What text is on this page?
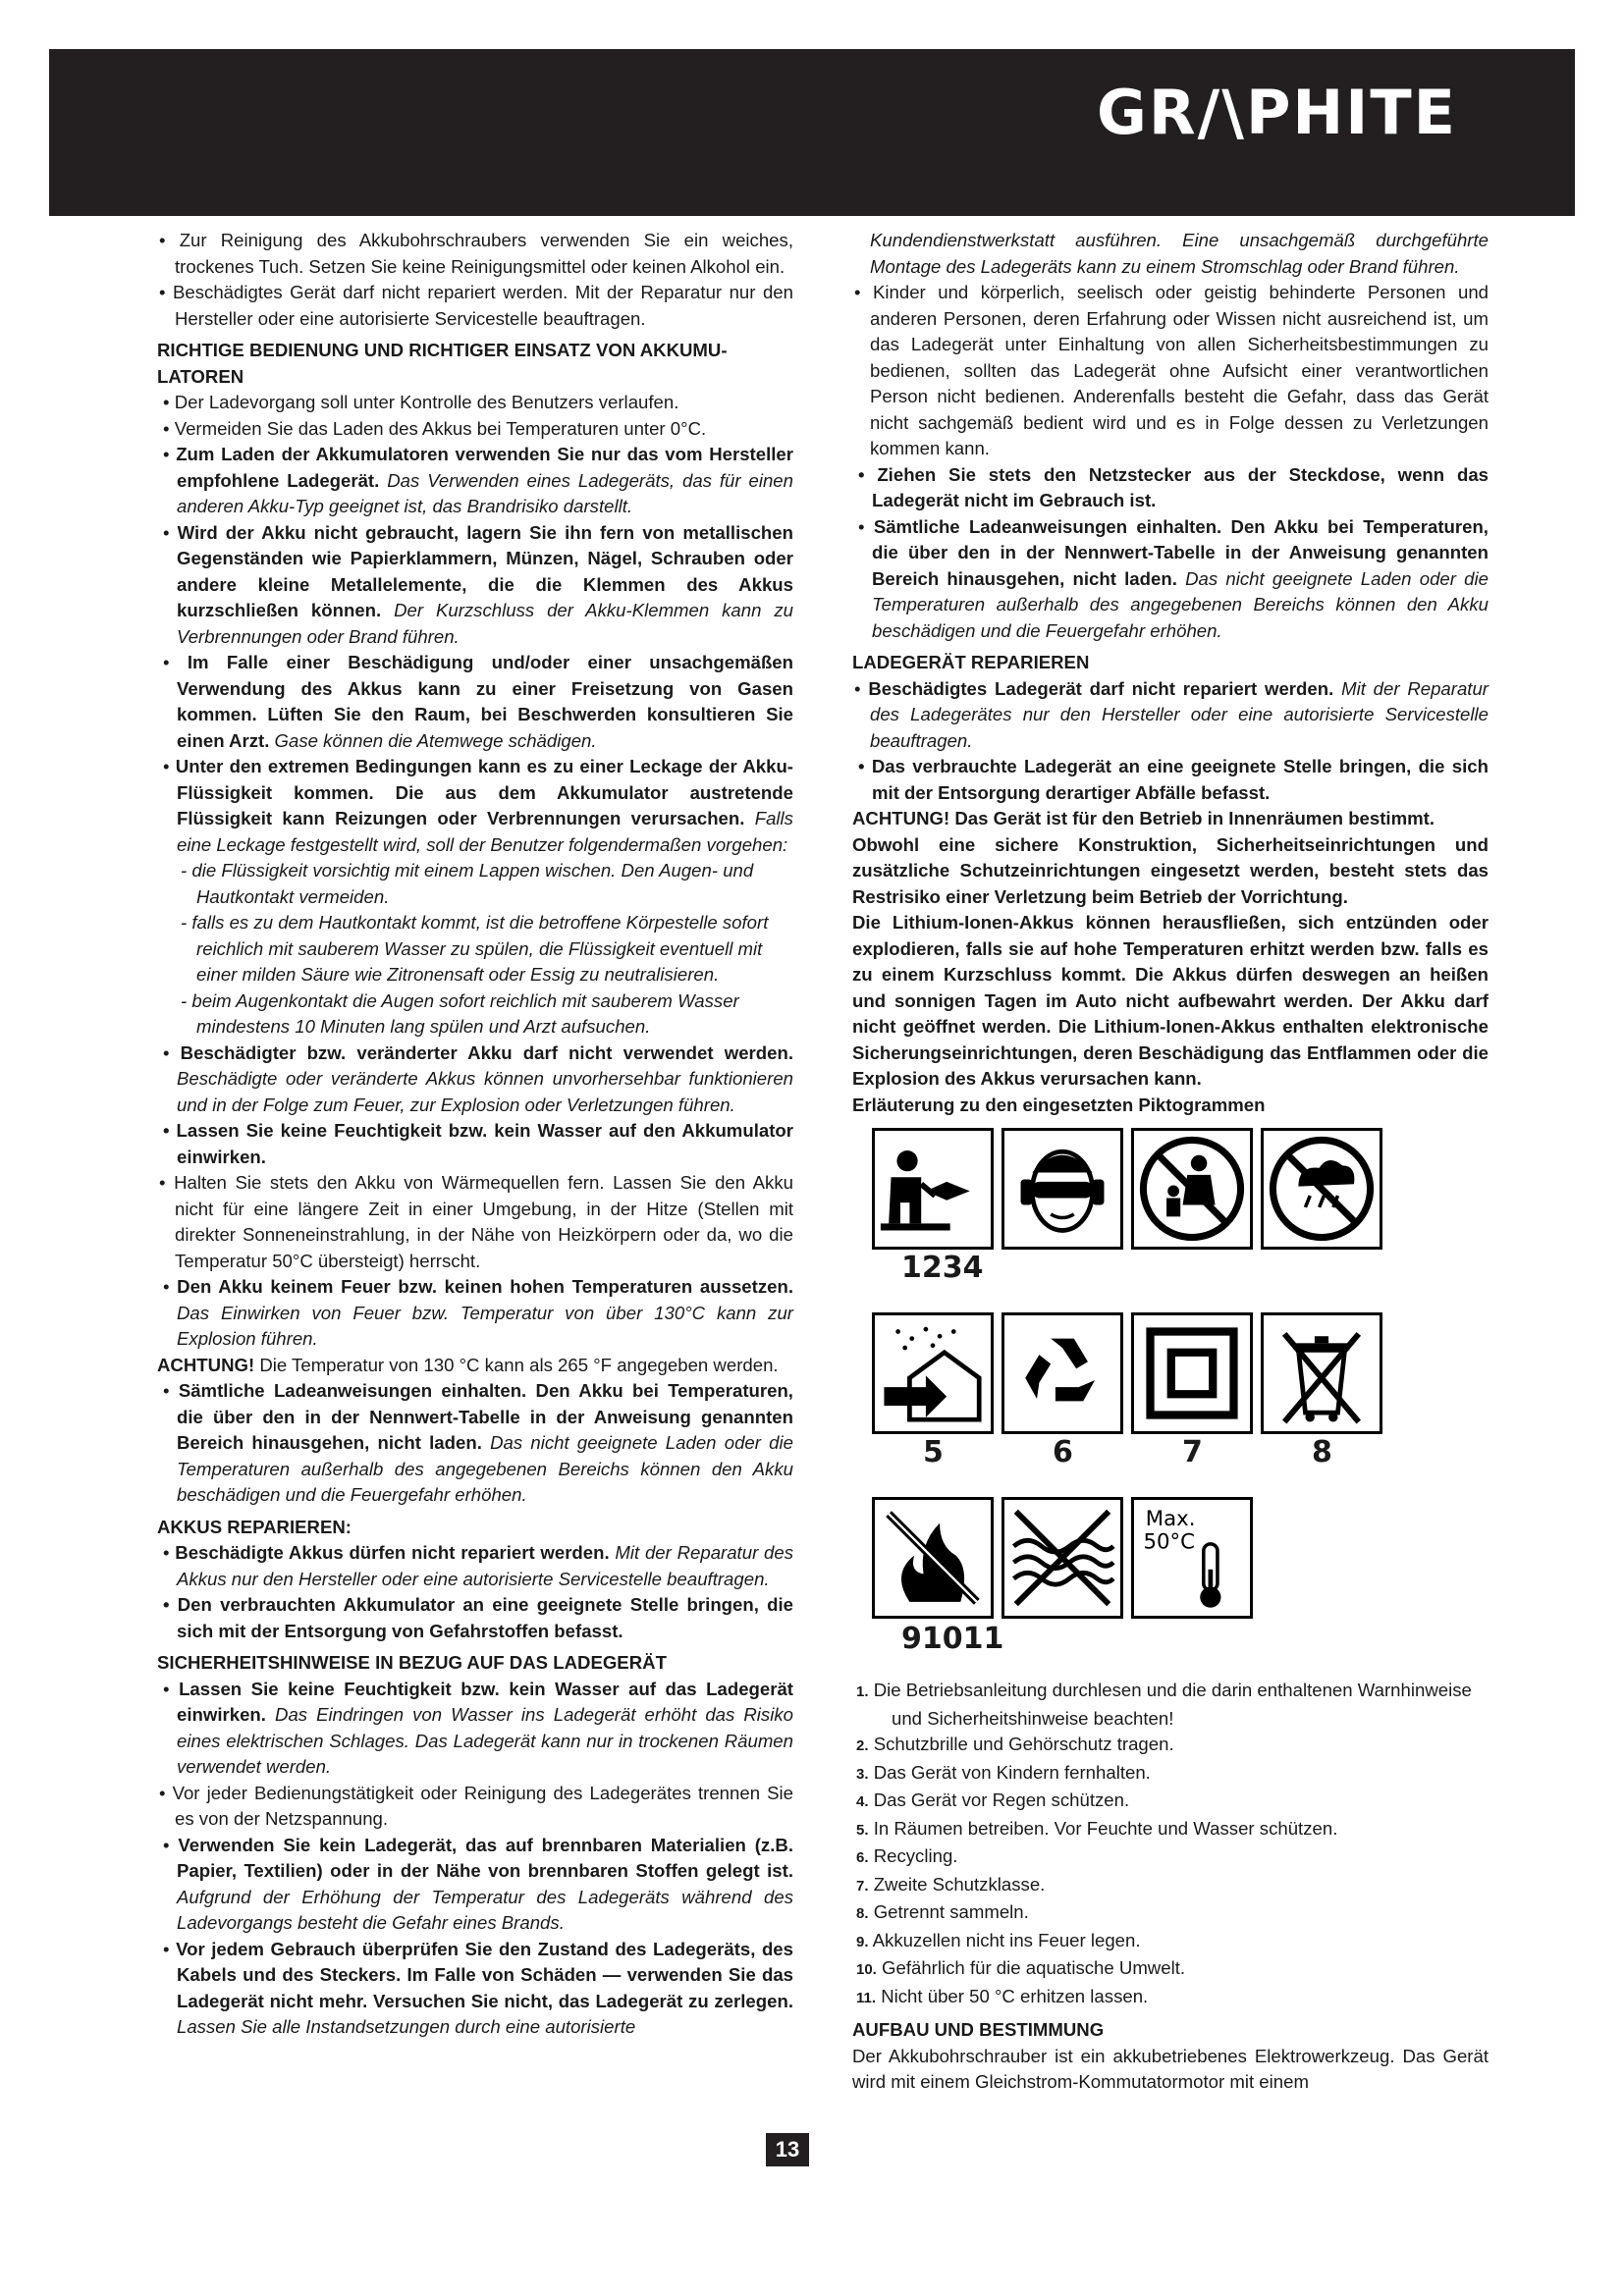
GR/\PHITE

• Zur Reinigung des Akkubohrschraubers verwenden Sie ein weiches, trockenes Tuch. Setzen Sie keine Reinigungsmittel oder keinen Alkohol ein.

• Beschädigtes Gerät darf nicht repariert werden. Mit der Reparatur nur den Hersteller oder eine autorisierte Servicestelle beauftragen.

RICHTIGE BEDIENUNG UND RICHTIGER EINSATZ VON AKKUMU-LATOREN

• Der Ladevorgang soll unter Kontrolle des Benutzers verlaufen.

• Vermeiden Sie das Laden des Akkus bei Temperaturen unter 0°C.

• Zum Laden der Akkumulatoren verwenden Sie nur das vom Hersteller empfohlene Ladegerät. Das Verwenden eines Ladegeräts, das für einen anderen Akku-Typ geeignet ist, das Brandrisiko darstellt.

• Wird der Akku nicht gebraucht, lagern Sie ihn fern von metallischen Gegenständen wie Papierklammern, Münzen, Nägel, Schrauben oder andere kleine Metallelemente, die die Klemmen des Akkus kurzschließen können. Der Kurzschluss der Akku-Klemmen kann zu Verbrennungen oder Brand führen.

• Im Falle einer Beschädigung und/oder einer unsachgemäßen Verwendung des Akkus kann zu einer Freisetzung von Gasen kommen. Lüften Sie den Raum, bei Beschwerden konsultieren Sie einen Arzt. Gase können die Atemwege schädigen.

• Unter den extremen Bedingungen kann es zu einer Leckage der Akku-Flüssigkeit kommen. Die aus dem Akkumulator austretende Flüssigkeit kann Reizungen oder Verbrennungen verursachen. Falls eine Leckage festgestellt wird, soll der Benutzer folgendermaßen vorgehen:

- die Flüssigkeit vorsichtig mit einem Lappen wischen. Den Augen- und Hautkontakt vermeiden.

- falls es zu dem Hautkontakt kommt, ist die betroffene Körpestelle sofort reichlich mit sauberem Wasser zu spülen, die Flüssigkeit eventuell mit einer milden Säure wie Zitronensaft oder Essig zu neutralisieren.

- beim Augenkontakt die Augen sofort reichlich mit sauberem Wasser mindestens 10 Minuten lang spülen und Arzt aufsuchen.

• Beschädigter bzw. veränderter Akku darf nicht verwendet werden. Beschädigte oder veränderte Akkus können unvorhersehbar funktionieren und in der Folge zum Feuer, zur Explosion oder Verletzungen führen.

• Lassen Sie keine Feuchtigkeit bzw. kein Wasser auf den Akkumulator einwirken.

• Halten Sie stets den Akku von Wärmequellen fern. Lassen Sie den Akku nicht für eine längere Zeit in einer Umgebung, in der Hitze (Stellen mit direkter Sonneneinstrahlung, in der Nähe von Heizkörpern oder da, wo die Temperatur 50°C übersteigt) herrscht.

• Den Akku keinem Feuer bzw. keinen hohen Temperaturen aussetzen. Das Einwirken von Feuer bzw. Temperatur von über 130°C kann zur Explosion führen.

ACHTUNG! Die Temperatur von 130 °C kann als 265 °F angegeben werden.

• Sämtliche Ladeanweisungen einhalten. Den Akku bei Temperaturen, die über den in der Nennwert-Tabelle in der Anweisung genannten Bereich hinausgehen, nicht laden. Das nicht geeignete Laden oder die Temperaturen außerhalb des angegebenen Bereichs können den Akku beschädigen und die Feuergefahr erhöhen.

AKKUS REPARIEREN:

• Beschädigte Akkus dürfen nicht repariert werden. Mit der Reparatur des Akkus nur den Hersteller oder eine autorisierte Servicestelle beauftragen.

• Den verbrauchten Akkumulator an eine geeignete Stelle bringen, die sich mit der Entsorgung von Gefahrstoffen befasst.

SICHERHEITSHINWEISE IN BEZUG AUF DAS LADEGERÄT

• Lassen Sie keine Feuchtigkeit bzw. kein Wasser auf das Ladegerät einwirken. Das Eindringen von Wasser ins Ladegerät erhöht das Risiko eines elektrischen Schlages. Das Ladegerät kann nur in trockenen Räumen verwendet werden.

• Vor jeder Bedienungstätigkeit oder Reinigung des Ladegerätes trennen Sie es von der Netzspannung.

• Verwenden Sie kein Ladegerät, das auf brennbaren Materialien (z.B. Papier, Textilien) oder in der Nähe von brennbaren Stoffen gelegt ist. Aufgrund der Erhöhung der Temperatur des Ladegeräts während des Ladevorgangs besteht die Gefahr eines Brands.

• Vor jedem Gebrauch überprüfen Sie den Zustand des Ladegeräts, des Kabels und des Steckers. Im Falle von Schäden — verwenden Sie das Ladegerät nicht mehr. Versuchen Sie nicht, das Ladegerät zu zerlegen. Lassen Sie alle Instandsetzungen durch eine autorisierte

Kundendienstwerkstatt ausführen. Eine unsachgemäß durchgeführte Montage des Ladegeräts kann zu einem Stromschlag oder Brand führen.

• Kinder und körperlich, seelisch oder geistig behinderte Personen und anderen Personen, deren Erfahrung oder Wissen nicht ausreichend ist, um das Ladegerät unter Einhaltung von allen Sicherheitsbestimmungen zu bedienen, sollten das Ladegerät ohne Aufsicht einer verantwortlichen Person nicht bedienen. Anderenfalls besteht die Gefahr, dass das Gerät nicht sachgemäß bedient wird und es in Folge dessen zu Verletzungen kommen kann.

• Ziehen Sie stets den Netzstecker aus der Steckdose, wenn das Ladegerät nicht im Gebrauch ist.

• Sämtliche Ladeanweisungen einhalten. Den Akku bei Temperaturen, die über den in der Nennwert-Tabelle in der Anweisung genannten Bereich hinausgehen, nicht laden. Das nicht geeignete Laden oder die Temperaturen außerhalb des angegebenen Bereichs können den Akku beschädigen und die Feuergefahr erhöhen.

LADEGERÄT REPARIEREN

• Beschädigtes Ladegerät darf nicht repariert werden. Mit der Reparatur des Ladegerätes nur den Hersteller oder eine autorisierte Servicestelle beauftragen.

• Das verbrauchte Ladegerät an eine geeignete Stelle bringen, die sich mit der Entsorgung derartiger Abfälle befasst.

ACHTUNG! Das Gerät ist für den Betrieb in Innenräumen bestimmt.

Obwohl eine sichere Konstruktion, Sicherheitseinrichtungen und zusätzliche Schutzeinrichtungen eingesetzt werden, besteht stets das Restrisiko einer Verletzung beim Betrieb der Vorrichtung.

Die Lithium-Ionen-Akkus können herausfließen, sich entzünden oder explodieren, falls sie auf hohe Temperaturen erhitzt werden bzw. falls es zu einem Kurzschluss kommt. Die Akkus dürfen deswegen an heißen und sonnigen Tagen im Auto nicht aufbewahrt werden. Der Akku darf nicht geöffnet werden. Die Lithium-Ionen-Akkus enthalten elektronische Sicherungseinrichtungen, deren Beschädigung das Entflammen oder die Explosion des Akkus verursachen kann.

Erläuterung zu den eingesetzten Piktogrammen

1234
5	6	7	8
Max.
50°C
91011

1. Die Betriebsanleitung durchlesen und die darin enthaltenen Warnhinweise und Sicherheitshinweise beachten!

2. Schutzbrille und Gehörschutz tragen.

3. Das Gerät von Kindern fernhalten.

4. Das Gerät vor Regen schützen.

5. In Räumen betreiben. Vor Feuchte und Wasser schützen.

6. Recycling.

7. Zweite Schutzklasse.

8. Getrennt sammeln.

9. Akkuzellen nicht ins Feuer legen.

10. Gefährlich für die aquatische Umwelt.

11. Nicht über 50 °C erhitzen lassen.

AUFBAU UND BESTIMMUNG

Der Akkubohrschrauber ist ein akkubetriebenes Elektrowerkzeug. Das Gerät wird mit einem Gleichstrom-Kommutatormotor mit einem

13
